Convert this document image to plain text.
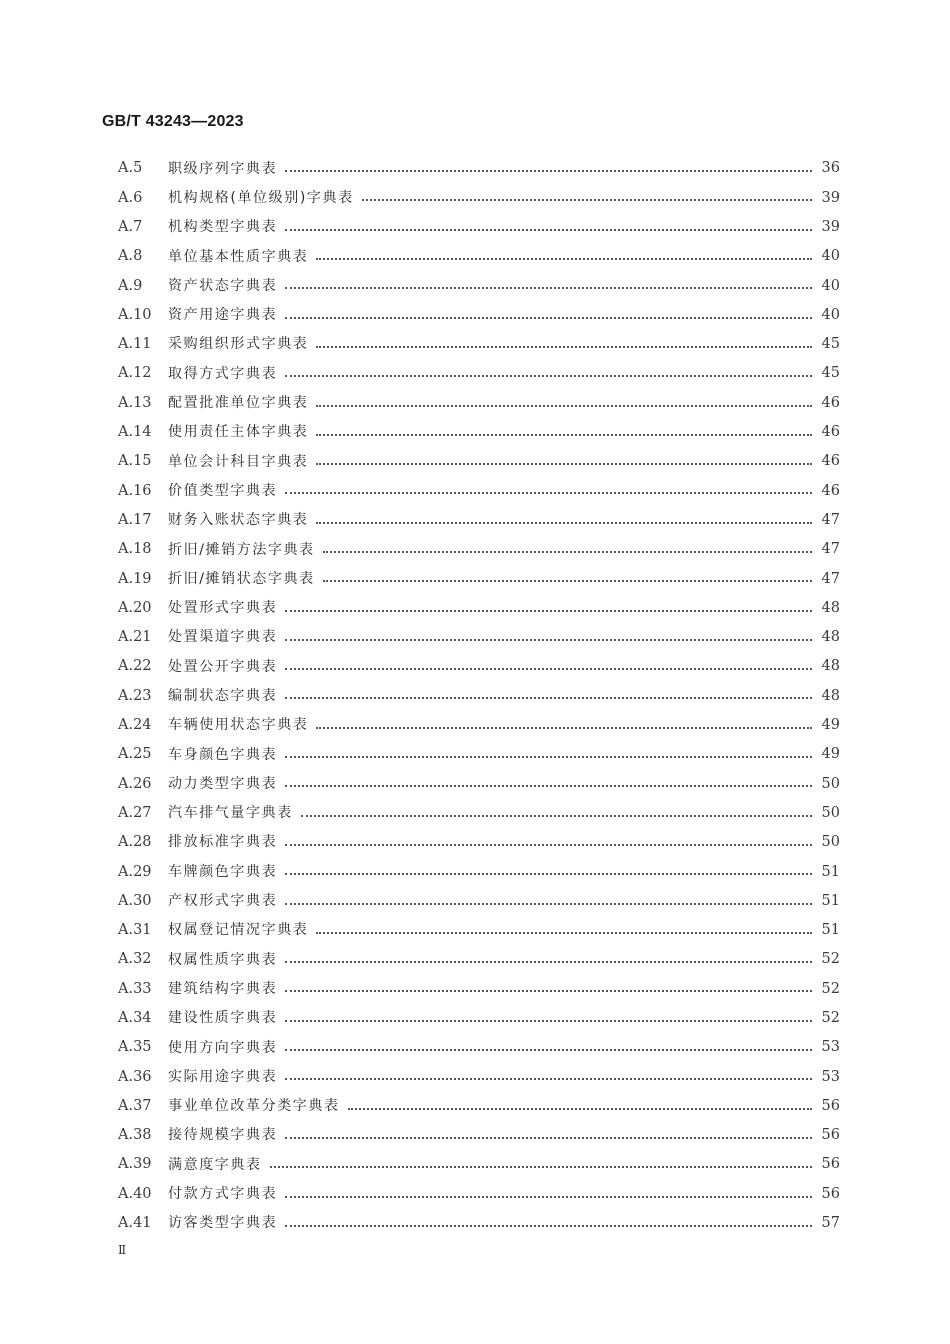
GB/T 43243—2023
A.5	职级序列字典表	36
A.6	机构规格(单位级别)字典表	39
A.7	机构类型字典表	39
A.8	单位基本性质字典表	40
A.9	资产状态字典表	40
A.10	资产用途字典表	40
A.11	采购组织形式字典表	45
A.12	取得方式字典表	45
A.13	配置批准单位字典表	46
A.14	使用责任主体字典表	46
A.15	单位会计科目字典表	46
A.16	价值类型字典表	46
A.17	财务入账状态字典表	47
A.18	折旧/摊销方法字典表	47
A.19	折旧/摊销状态字典表	47
A.20	处置形式字典表	48
A.21	处置渠道字典表	48
A.22	处置公开字典表	48
A.23	编制状态字典表	48
A.24	车辆使用状态字典表	49
A.25	车身颜色字典表	49
A.26	动力类型字典表	50
A.27	汽车排气量字典表	50
A.28	排放标准字典表	50
A.29	车牌颜色字典表	51
A.30	产权形式字典表	51
A.31	权属登记情况字典表	51
A.32	权属性质字典表	52
A.33	建筑结构字典表	52
A.34	建设性质字典表	52
A.35	使用方向字典表	53
A.36	实际用途字典表	53
A.37	事业单位改革分类字典表	56
A.38	接待规模字典表	56
A.39	满意度字典表	56
A.40	付款方式字典表	56
A.41	访客类型字典表	57
Ⅱ
